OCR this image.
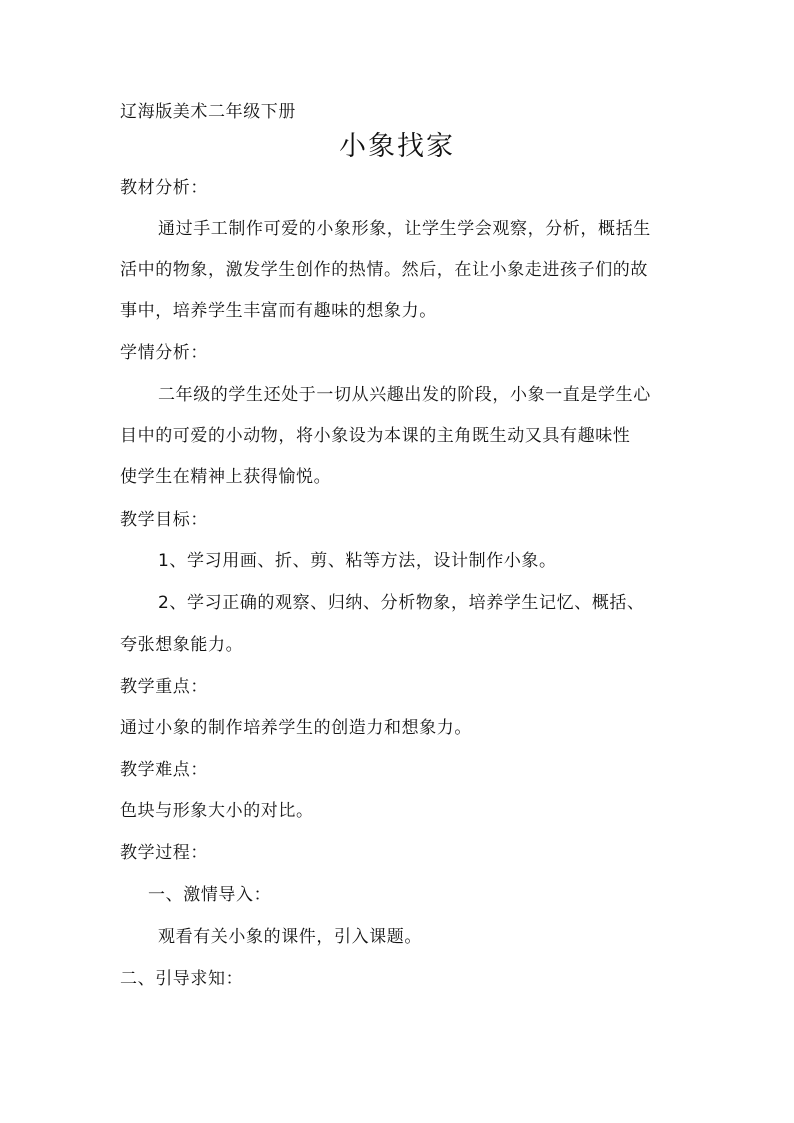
辽海版美术二年级下册
小象找家
教材分析：
通过手工制作可爱的小象形象，让学生学会观察，分析，概括生
活中的物象，激发学生创作的热情。然后，在让小象走进孩子们的故
事中，培养学生丰富而有趣味的想象力。
学情分析：
二年级的学生还处于一切从兴趣出发的阶段，小象一直是学生心
目中的可爱的小动物，将小象设为本课的主角既生动又具有趣味性
使学生在精神上获得愉悦。
教学目标：
1、学习用画、折、剪、粘等方法，设计制作小象。
2、学习正确的观察、归纳、分析物象，培养学生记忆、概括、
夸张想象能力。
教学重点：
通过小象的制作培养学生的创造力和想象力。
教学难点：
色块与形象大小的对比。
教学过程：
一、激情导入：
观看有关小象的课件，引入课题。
二、引导求知：
